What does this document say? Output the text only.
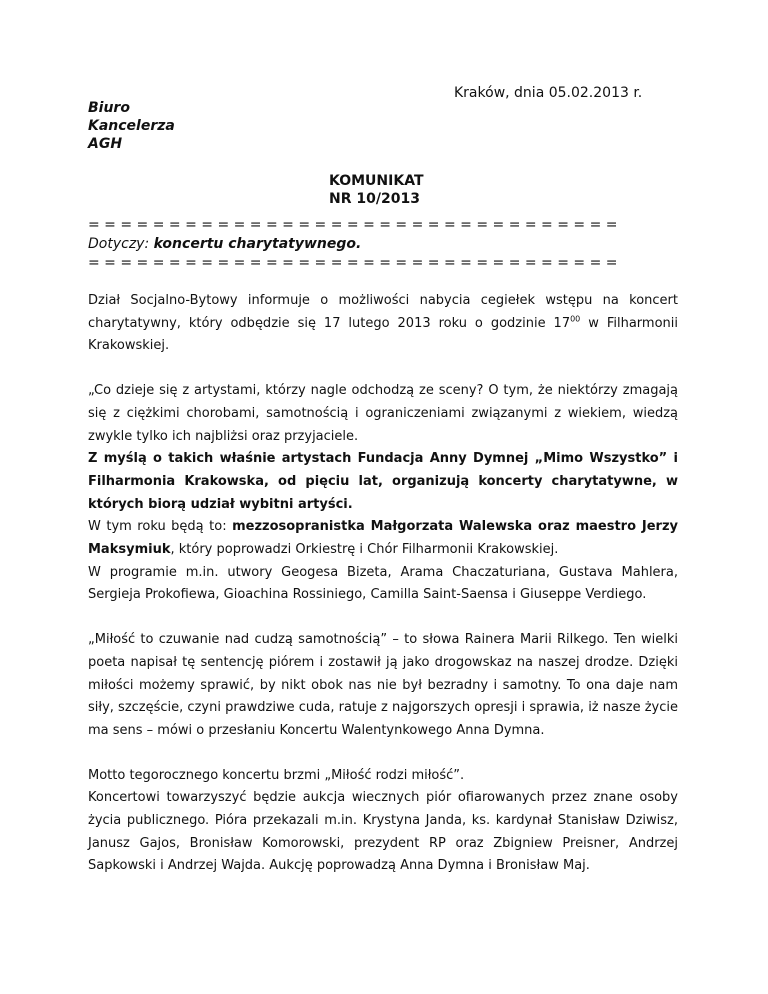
Kraków, dnia 05.02.2013 r.
Biuro
Kancelerza
AGH
KOMUNIKAT
NR 10/2013
= = = = = = = = = = = = = = = = = = = = = = = = = = = = = = = = =
Dotyczy: koncertu charytatywnego.
= = = = = = = = = = = = = = = = = = = = = = = = = = = = = = = = =

Dział Socjalno-Bytowy informuje o możliwości nabycia cegiełek wstępu na koncert charytatywny, który odbędzie się 17 lutego 2013 roku o godzinie $17^{00}$ w Filharmonii Krakowskiej.

„Co dzieje się z artystami, którzy nagle odchodzą ze sceny? O tym, że niektórzy zmagają się z ciężkimi chorobami, samotnością i ograniczeniami związanymi z wiekiem, wiedzą zwykle tylko ich najbliżsi oraz przyjaciele.

Z myślą o takich właśnie artystach Fundacja Anny Dymnej „Mimo Wszystko” i Filharmonia Krakowska, od pięciu lat, organizują koncerty charytatywne, w których biorą udział wybitni artyści.

W tym roku będą to: mezzosopranistka Małgorzata Walewska oraz maestro Jerzy Maksymiuk, który poprowadzi Orkiestrę i Chór Filharmonii Krakowskiej.

W programie m.in. utwory Geogesa Bizeta, Arama Chaczaturiana, Gustava Mahlera, Sergieja Prokofiewa, Gioachina Rossiniego, Camilla Saint-Saensa i Giuseppe Verdiego.

„Miłość to czuwanie nad cudzą samotnością” – to słowa Rainera Marii Rilkego. Ten wielki poeta napisał tę sentencję piórem i zostawił ją jako drogowskaz na naszej drodze. Dzięki miłości możemy sprawić, by nikt obok nas nie był bezradny i samotny. To ona daje nam siły, szczęście, czyni prawdziwe cuda, ratuje z najgorszych opresji i sprawia, iż nasze życie ma sens – mówi o przesłaniu Koncertu Walentynkowego Anna Dymna.

Motto tegorocznego koncertu brzmi „Miłość rodzi miłość”.

Koncertowi towarzyszyć będzie aukcja wiecznych piór ofiarowanych przez znane osoby życia publicznego. Pióra przekazali m.in. Krystyna Janda, ks. kardynał Stanisław Dziwisz, Janusz Gajos, Bronisław Komorowski, prezydent RP oraz Zbigniew Preisner, Andrzej Sapkowski i Andrzej Wajda. Aukcję poprowadzą Anna Dymna i Bronisław Maj.
